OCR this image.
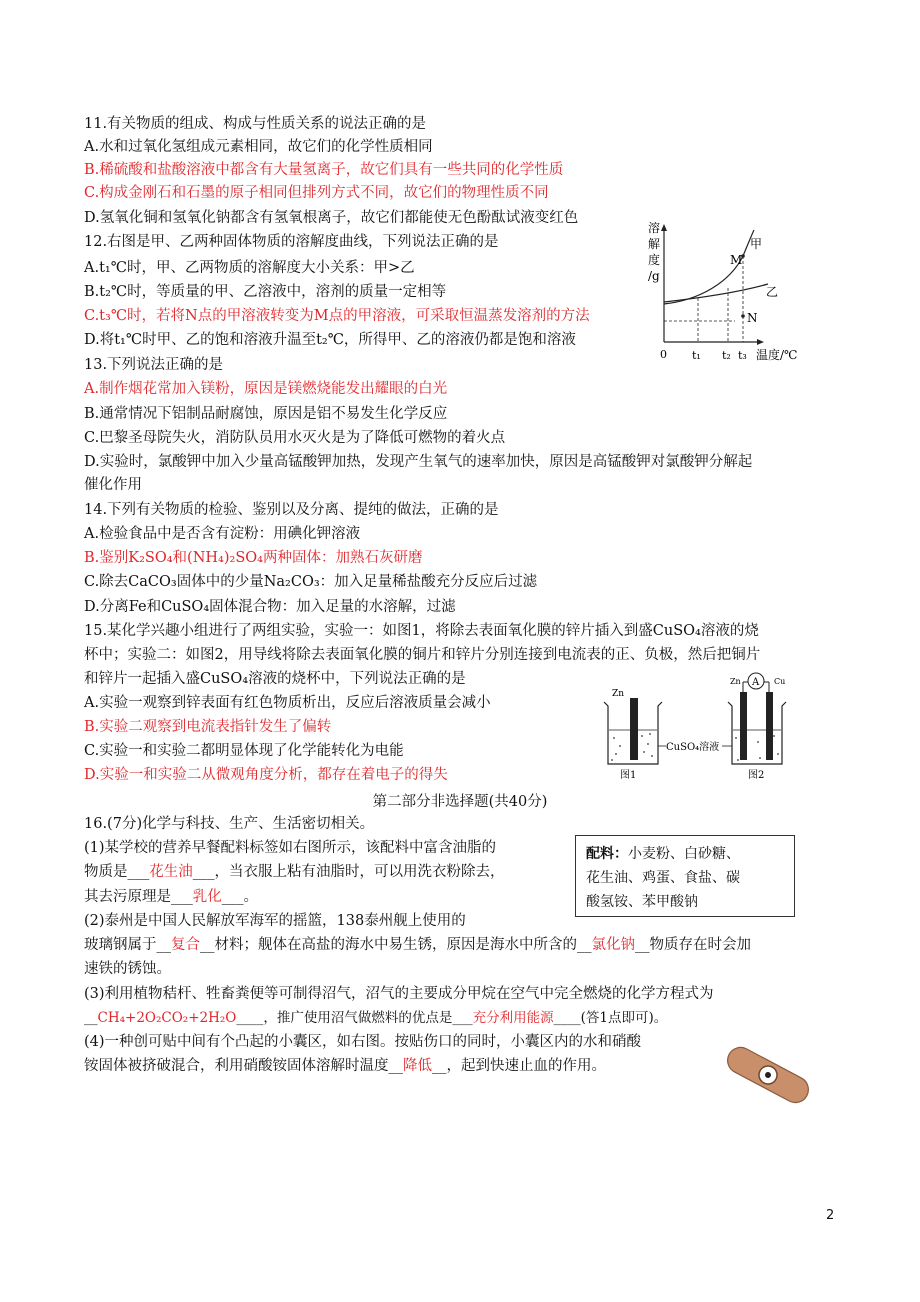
11.有关物质的组成、构成与性质关系的说法正确的是
A.水和过氧化氢组成元素相同，故它们的化学性质相同
B.稀硫酸和盐酸溶液中都含有大量氢离子，故它们具有一些共同的化学性质
C.构成金刚石和石墨的原子相同但排列方式不同，故它们的物理性质不同
D.氢氧化铜和氢氧化钠都含有氢氧根离子，故它们都能使无色酚酞试液变红色
12.右图是甲、乙两种固体物质的溶解度曲线，下列说法正确的是
A.t₁℃时，甲、乙两物质的溶解度大小关系：甲>乙
B.t₂℃时，等质量的甲、乙溶液中，溶剂的质量一定相等
C.t₃℃时，若将N点的甲溶液转变为M点的甲溶液，可采取恒温蒸发溶剂的方法
D.将t₁℃时甲、乙的饱和溶液升温至t₂℃，所得甲、乙的溶液仍都是饱和溶液
溶
解
度
/g
甲
M
乙
N
0 t₁ t₂ t₃ 温度/℃
13.下列说法正确的是
A.制作烟花常加入镁粉，原因是镁燃烧能发出耀眼的白光
B.通常情况下铝制品耐腐蚀，原因是铝不易发生化学反应
C.巴黎圣母院失火，消防队员用水灭火是为了降低可燃物的着火点
D.实验时，氯酸钾中加入少量高锰酸钾加热，发现产生氧气的速率加快，原因是高锰酸钾对氯酸钾分解起
催化作用
14.下列有关物质的检验、鉴别以及分离、提纯的做法，正确的是
A.检验食品中是否含有淀粉：用碘化钾溶液
B.鉴别K₂SO₄和(NH₄)₂SO₄两种固体：加熟石灰研磨
C.除去CaCO₃固体中的少量Na₂CO₃：加入足量稀盐酸充分反应后过滤
D.分离Fe和CuSO₄固体混合物：加入足量的水溶解，过滤
15.某化学兴趣小组进行了两组实验，实验一：如图1，将除去表面氧化膜的锌片插入到盛CuSO₄溶液的烧
杯中；实验二：如图2，用导线将除去表面氧化膜的铜片和锌片分别连接到电流表的正、负极，然后把铜片
和锌片一起插入盛CuSO₄溶液的烧杯中，下列说法正确的是
A.实验一观察到锌表面有红色物质析出，反应后溶液质量会减小
B.实验二观察到电流表指针发生了偏转
C.实验一和实验二都明显体现了化学能转化为电能
D.实验一和实验二从微观角度分析，都存在着电子的得失
Zn
图1
A
Zn	Cu
图2
CuSO₄溶液
第二部分非选择题(共40分)
16.(7分)化学与科技、生产、生活密切相关。
(1)某学校的营养早餐配料标签如右图所示，该配料中富含油脂的
物质是___花生油___，当衣服上粘有油脂时，可以用洗衣粉除去，
其去污原理是___乳化___。
(2)泰州是中国人民解放军海军的摇篮，138泰州舰上使用的
玻璃钢属于__复合__材料；舰体在高盐的海水中易生锈，原因是海水中所含的__氯化钠__物质存在时会加
速铁的锈蚀。
(3)利用植物秸杆、牲畜粪便等可制得沼气，沼气的主要成分甲烷在空气中完全燃烧的化学方程式为
__CH₄+2O₂CO₂+2H₂O____，推广使用沼气做燃料的优点是___充分利用能源____(答1点即可)。
(4)一种创可贴中间有个凸起的小囊区，如右图。按贴伤口的同时，小囊区内的水和硝酸
铵固体被挤破混合，利用硝酸铵固体溶解时温度__降低__，起到快速止血的作用。
配料：小麦粉、白砂糖、
花生油、鸡蛋、食盐、碳
酸氢铵、苯甲酸钠
2
